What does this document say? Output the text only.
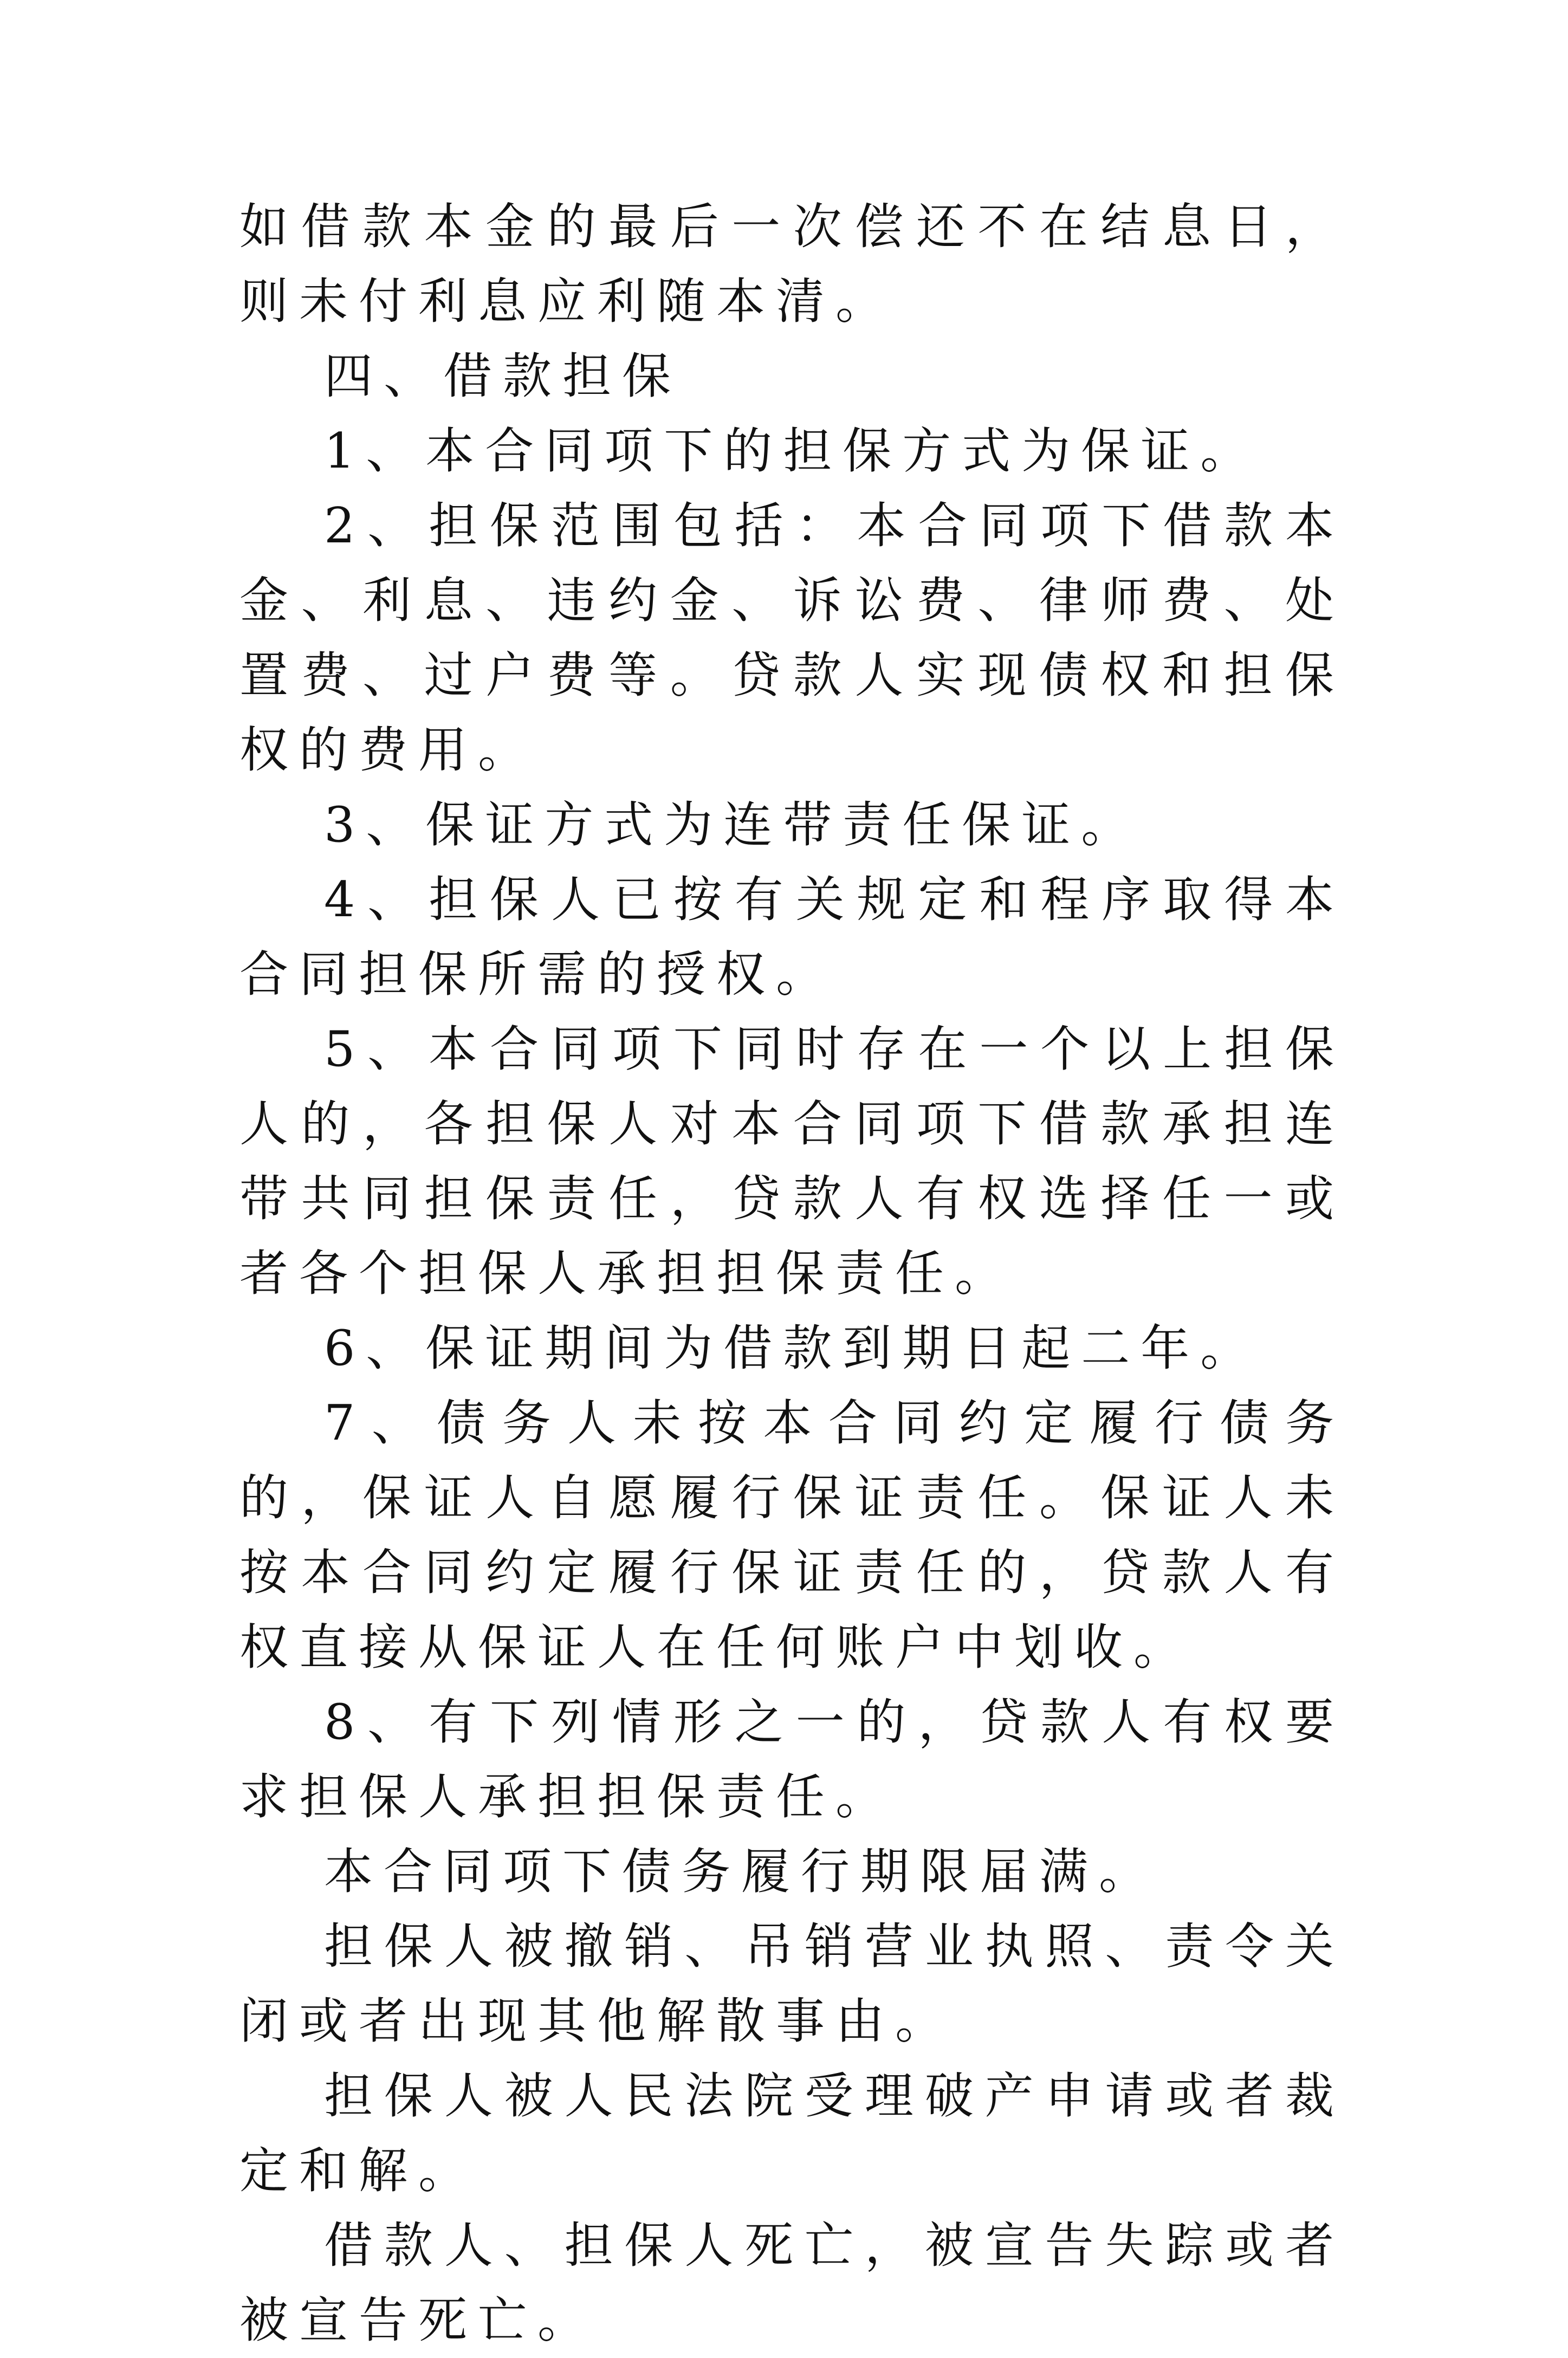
如借款本金的最后一次偿还不在结息日，则未付利息应利随本清。

四、借款担保

1、本合同项下的担保方式为保证。

2、担保范围包括：本合同项下借款本金、利息、违约金、诉讼费、律师费、处置费、过户费等。贷款人实现债权和担保权的费用。

3、保证方式为连带责任保证。

4、担保人已按有关规定和程序取得本合同担保所需的授权。

5、本合同项下同时存在一个以上担保人的，各担保人对本合同项下借款承担连带共同担保责任，贷款人有权选择任一或者各个担保人承担担保责任。

6、保证期间为借款到期日起二年。

7、债务人未按本合同约定履行债务的，保证人自愿履行保证责任。保证人未按本合同约定履行保证责任的，贷款人有权直接从保证人在任何账户中划收。

8、有下列情形之一的，贷款人有权要求担保人承担担保责任。

本合同项下债务履行期限届满。

担保人被撤销、吊销营业执照、责令关闭或者出现其他解散事由。

担保人被人民法院受理破产申请或者裁定和解。

借款人、担保人死亡，被宣告失踪或者被宣告死亡。
